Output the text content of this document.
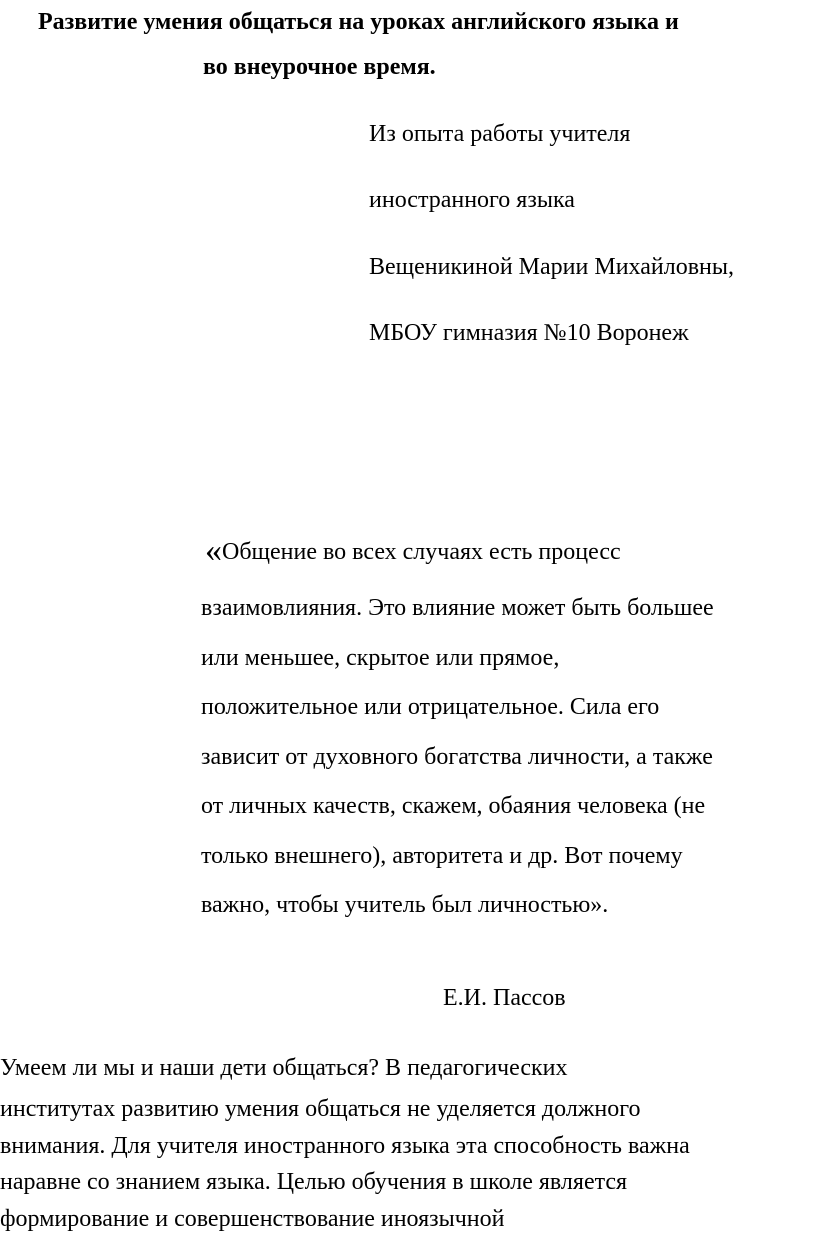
Развитие умения общаться на уроках английского языка и
во внеурочное время.
Из опыта работы учителя
иностранного языка
Вещеникиной Марии Михайловны,
МБОУ гимназия №10 Воронеж
«Общение во всех случаях есть процесс
взаимовлияния. Это влияние может быть большее
или меньшее, скрытое или прямое,
положительное или отрицательное. Сила его
зависит от духовного богатства личности, а также
от личных качеств, скажем, обаяния человека (не
только внешнего), авторитета и др. Вот почему
важно, чтобы учитель был личностью».
Е.И. Пассов
Умеем ли мы и наши дети общаться? В педагогических
институтах развитию умения общаться не уделяется должного
внимания. Для учителя иностранного языка эта способность важна
наравне со знанием языка. Целью обучения в школе является
формирование и совершенствование иноязычной
